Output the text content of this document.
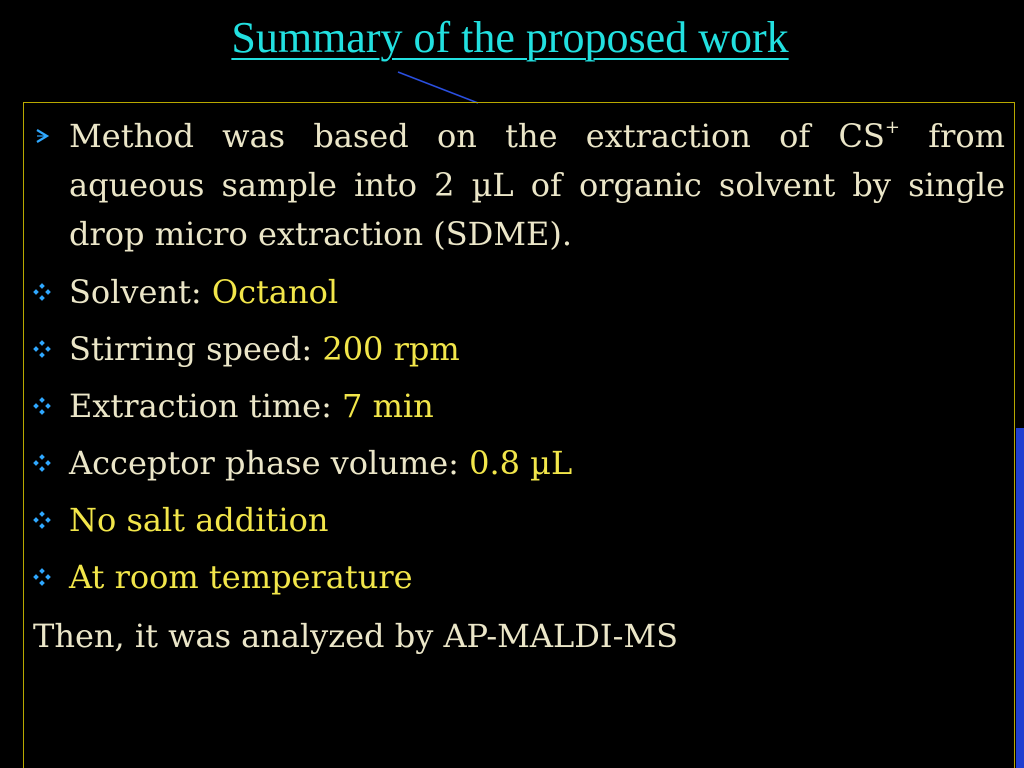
Summary of the proposed work
Method was based on the extraction of CS+ from aqueous sample into 2 µL of organic solvent by single drop micro extraction (SDME).
Solvent: Octanol
Stirring speed: 200 rpm
Extraction time: 7 min
Acceptor phase volume: 0.8 µL
No salt addition
At room temperature
Then, it was analyzed by AP-MALDI-MS
